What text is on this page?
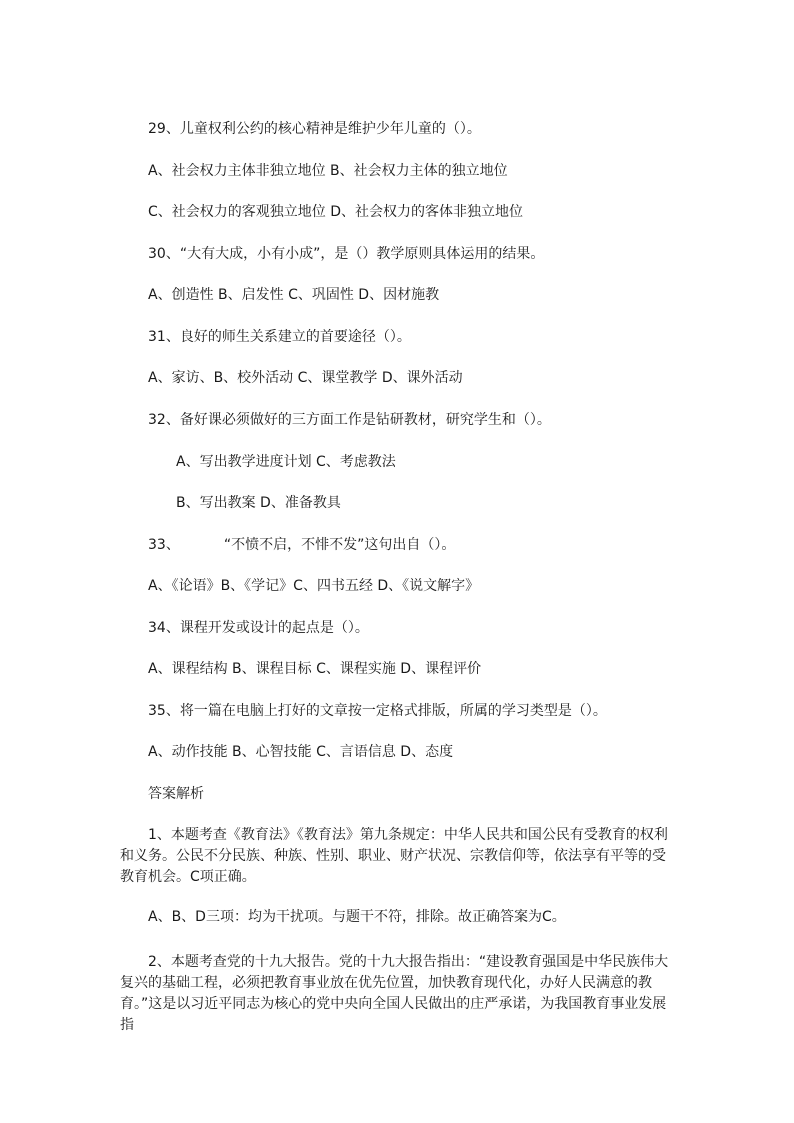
29、儿童权利公约的核心精神是维护少年儿童的（）。
A、社会权力主体非独立地位 B、社会权力主体的独立地位
C、社会权力的客观独立地位 D、社会权力的客体非独立地位
30、“大有大成，小有小成”，是（）教学原则具体运用的结果。
A、创造性 B、启发性 C、巩固性 D、因材施教
31、良好的师生关系建立的首要途径（）。
A、家访、B、校外活动 C、课堂教学 D、课外活动
32、备好课必须做好的三方面工作是钻研教材，研究学生和（）。
A、写出教学进度计划 C、考虑教法
B、写出教案 D、准备教具
33、	“不愤不启，不悱不发”这句出自（）。
A、《论语》B、《学记》C、四书五经 D、《说文解字》
34、课程开发或设计的起点是（）。
A、课程结构 B、课程目标 C、课程实施 D、课程评价
35、将一篇在电脑上打好的文章按一定格式排版，所属的学习类型是（）。
A、动作技能 B、心智技能 C、言语信息 D、态度
答案解析
1、本题考查《教育法》《教育法》第九条规定：中华人民共和国公民有受教育的权利和义务。公民不分民族、种族、性别、职业、财产状况、宗教信仰等，依法享有平等的受教育机会。C项正确。
A、B、D三项：均为干扰项。与题干不符，排除。故正确答案为C。
2、本题考查党的十九大报告。党的十九大报告指出：“建设教育强国是中华民族伟大复兴的基础工程，必须把教育事业放在优先位置，加快教育现代化，办好人民满意的教育。”这是以习近平同志为核心的党中央向全国人民做出的庄严承诺，为我国教育事业发展指
